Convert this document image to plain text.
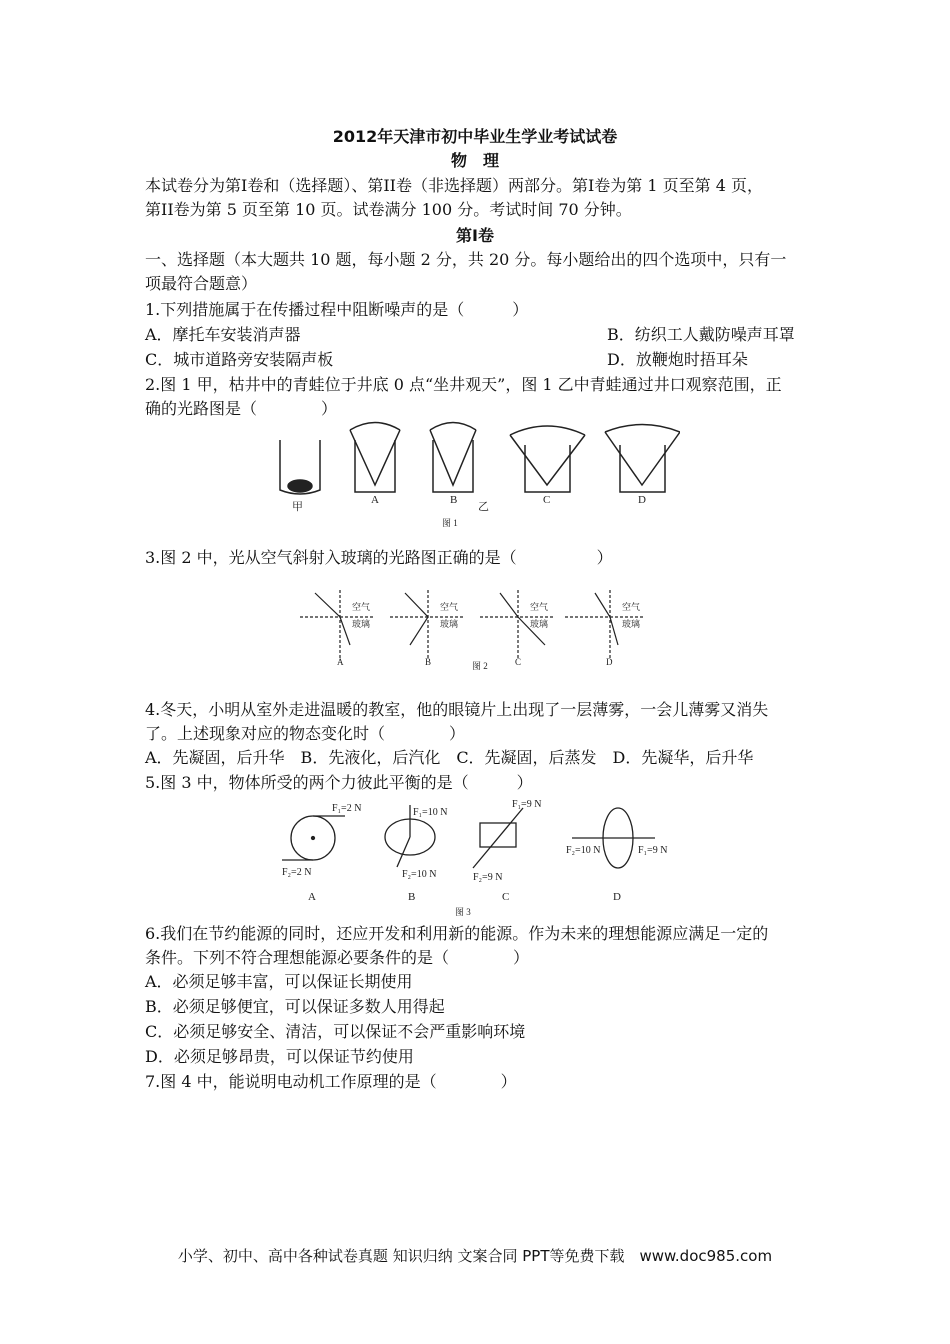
2012年天津市初中毕业生学业考试试卷
物　理
本试卷分为第I卷和（选择题）、第II卷（非选择题）两部分。第I卷为第 1 页至第 4 页，
第II卷为第 5 页至第 10 页。试卷满分 100 分。考试时间 70 分钟。
第I卷
一、选择题（本大题共 10 题，每小题 2 分，共 20 分。每小题给出的四个选项中，只有一
项最符合题意）
1.下列措施属于在传播过程中阻断噪声的是（　　　）
A．摩托车安装消声器	B．纺织工人戴防噪声耳罩
C．城市道路旁安装隔声板	D．放鞭炮时捂耳朵
2.图 1 甲，枯井中的青蛙位于井底 0 点“坐井观天”，图 1 乙中青蛙通过井口观察范围，正
确的光路图是（　　　　）
甲
A	B
乙
C	D
图 1
3.图 2 中，光从空气斜射入玻璃的光路图正确的是（　　　　　）
空气
玻璃
空气
玻璃
空气
玻璃
空气
玻璃
A	B	C	D
图 2
4.冬天，小明从室外走进温暖的教室，他的眼镜片上出现了一层薄雾，一会儿薄雾又消失
了。上述现象对应的物态变化时（　　　　）
A．先凝固，后升华　B．先液化，后汽化　C．先凝固，后蒸发　D．先凝华，后升华
5.图 3 中，物体所受的两个力彼此平衡的是（　　　）
F₁=2 N
F₂=2 N
F₁=10 N
F₂=10 N
F₁=9 N
F₂=9 N
F₁=9 N
F₂=10 N
A	B	C	D
图 3
6.我们在节约能源的同时，还应开发和利用新的能源。作为未来的理想能源应满足一定的
条件。下列不符合理想能源必要条件的是（　　　　）
A．必须足够丰富，可以保证长期使用
B．必须足够便宜，可以保证多数人用得起
C．必须足够安全、清洁，可以保证不会严重影响环境
D．必须足够昂贵，可以保证节约使用
7.图 4 中，能说明电动机工作原理的是（　　　　）
小学、初中、高中各种试卷真题 知识归纳 文案合同 PPT等免费下载　www.doc985.com
